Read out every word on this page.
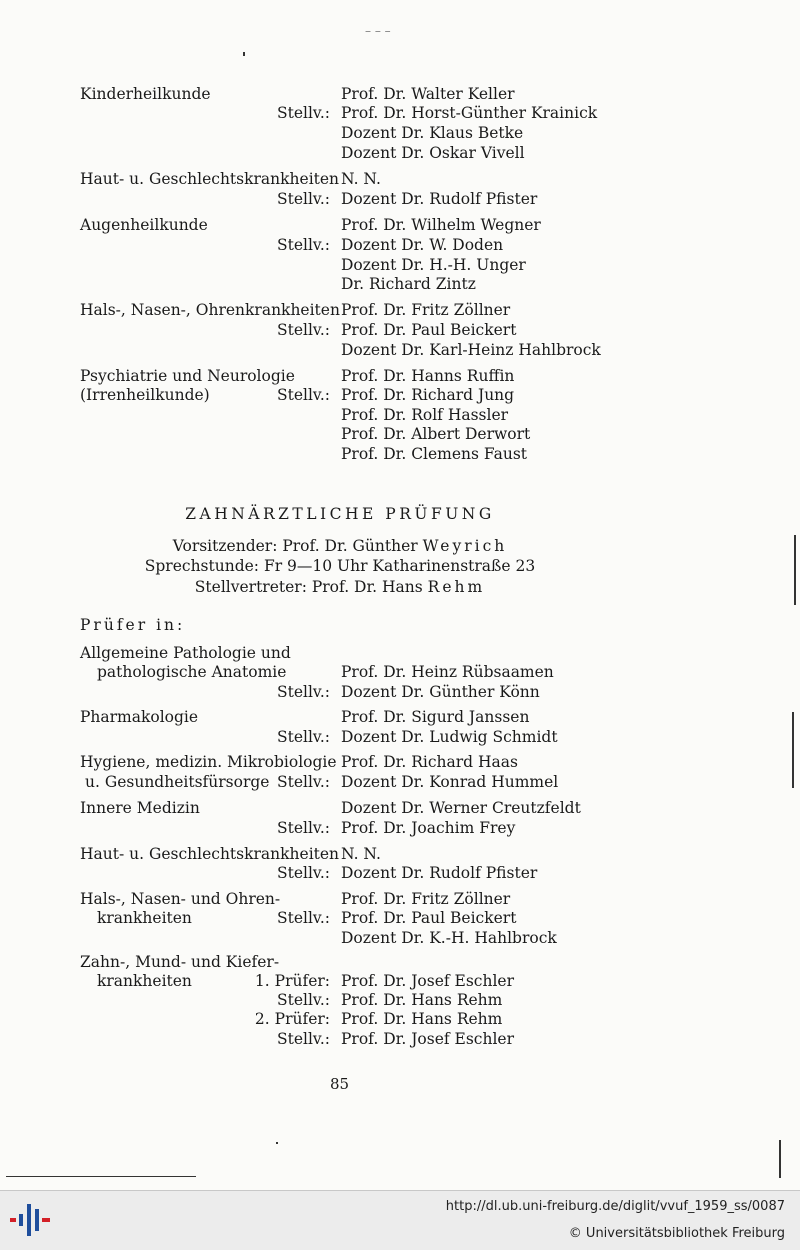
– – –
Kinderheilkunde	Prof. Dr. Walter Keller
Stellv.: Prof. Dr. Horst-Günther Krainick
Dozent Dr. Klaus Betke
Dozent Dr. Oskar Vivell
Haut- u. Geschlechtskrankheiten N. N.
Stellv.: Dozent Dr. Rudolf Pfister
Augenheilkunde	Prof. Dr. Wilhelm Wegner
Stellv.: Dozent Dr. W. Doden
Dozent Dr. H.-H. Unger
Dr. Richard Zintz
Hals-, Nasen-, Ohrenkrankheiten Prof. Dr. Fritz Zöllner
Stellv.: Prof. Dr. Paul Beickert
Dozent Dr. Karl-Heinz Hahlbrock
Psychiatrie und Neurologie	Prof. Dr. Hanns Ruffin
(Irrenheilkunde)	Stellv.: Prof. Dr. Richard Jung
Prof. Dr. Rolf Hassler
Prof. Dr. Albert Derwort
Prof. Dr. Clemens Faust
ZAHNÄRZTLICHE PRÜFUNG
Vorsitzender: Prof. Dr. Günther Weyrich
Sprechstunde: Fr 9—10 Uhr Katharinenstraße 23
Stellvertreter: Prof. Dr. Hans Rehm
Prüfer in:
Allgemeine Pathologie und
pathologische Anatomie	Prof. Dr. Heinz Rübsaamen
Stellv.: Dozent Dr. Günther Könn
Pharmakologie	Prof. Dr. Sigurd Janssen
Stellv.: Dozent Dr. Ludwig Schmidt
Hygiene, medizin. Mikrobiologie Prof. Dr. Richard Haas
u. Gesundheitsfürsorge Stellv.: Dozent Dr. Konrad Hummel
Innere Medizin	Dozent Dr. Werner Creutzfeldt
Stellv.: Prof. Dr. Joachim Frey
Haut- u. Geschlechtskrankheiten N. N.
Stellv.: Dozent Dr. Rudolf Pfister
Hals-, Nasen- und Ohren-	Prof. Dr. Fritz Zöllner
krankheiten	Stellv.: Prof. Dr. Paul Beickert
Dozent Dr. K.-H. Hahlbrock
Zahn-, Mund- und Kiefer-
krankheiten	1. Prüfer: Prof. Dr. Josef Eschler
Stellv.: Prof. Dr. Hans Rehm
2. Prüfer: Prof. Dr. Hans Rehm
Stellv.: Prof. Dr. Josef Eschler
85
http://dl.ub.uni-freiburg.de/diglit/vvuf_1959_ss/0087
© Universitätsbibliothek Freiburg
